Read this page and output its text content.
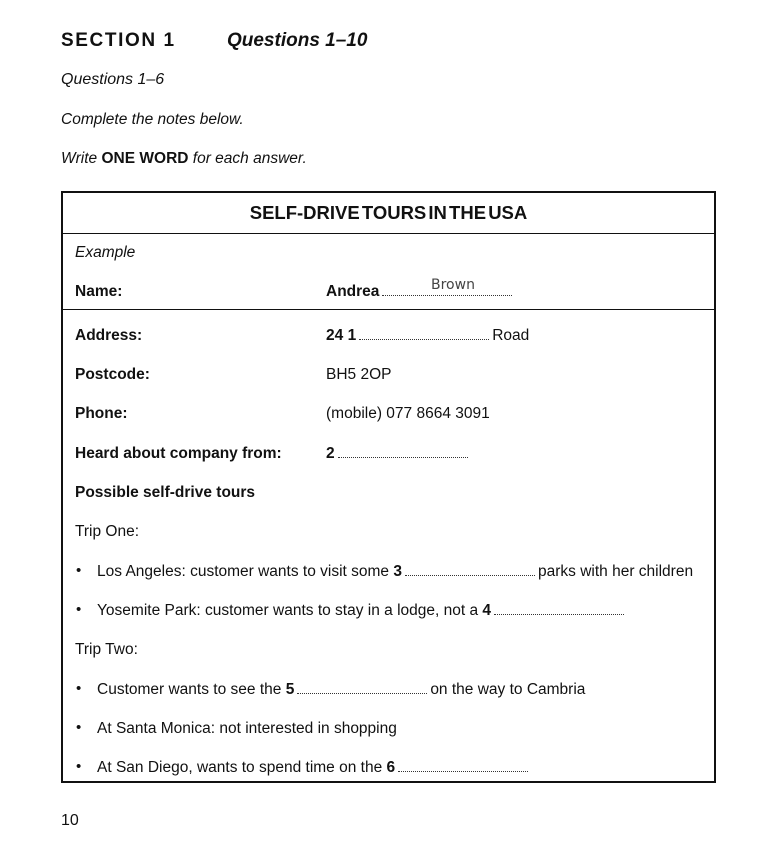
SECTION 1	Questions 1–10
Questions 1–6
Complete the notes below.
Write ONE WORD for each answer.
SELF-DRIVE TOURS IN THE USA
Example
Name:	Andrea	Brown
Address:	24 1	Road
Postcode:	BH5 2OP
Phone:	(mobile) 077 8664 3091
Heard about company from:	2
Possible self-drive tours
Trip One:
• Los Angeles: customer wants to visit some 3	parks with her children
• Yosemite Park: customer wants to stay in a lodge, not a 4
Trip Two:
• Customer wants to see the 5	on the way to Cambria
• At Santa Monica: not interested in shopping
• At San Diego, wants to spend time on the 6
10
